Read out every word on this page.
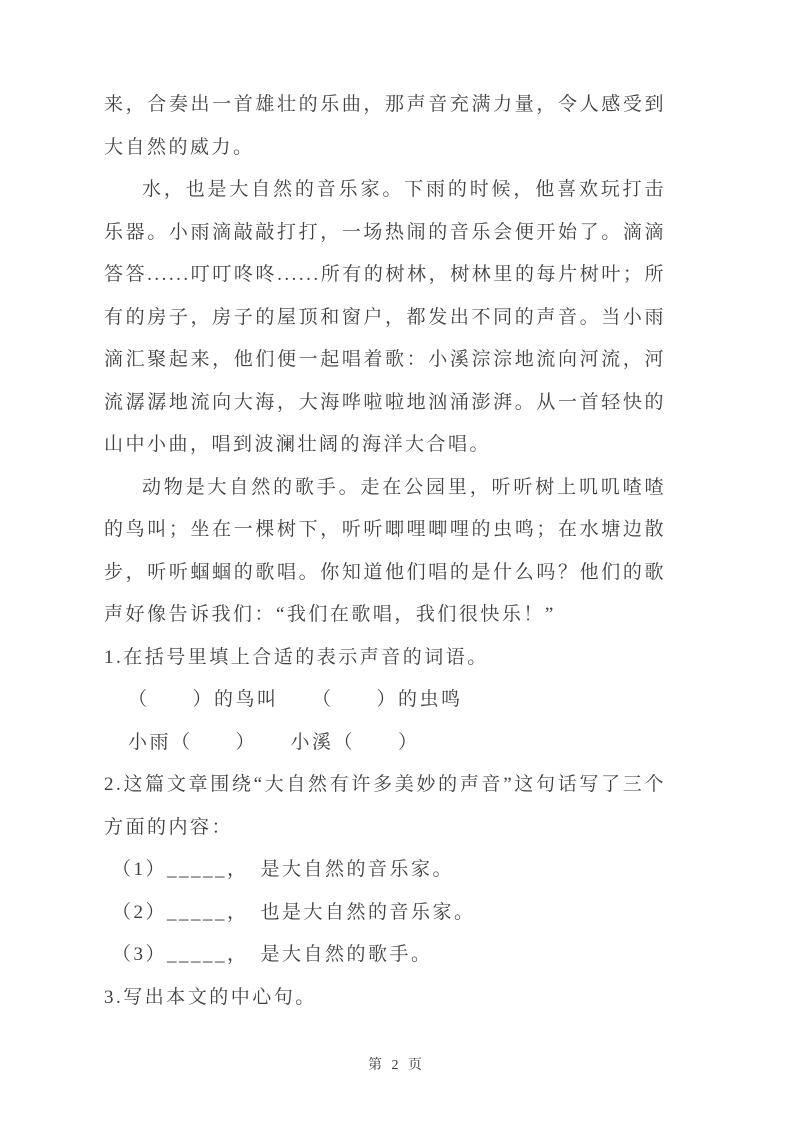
来，合奏出一首雄壮的乐曲，那声音充满力量，令人感受到
大自然的威力。
水，也是大自然的音乐家。下雨的时候，他喜欢玩打击
乐器。小雨滴敲敲打打，一场热闹的音乐会便开始了。滴滴
答答......叮叮咚咚......所有的树林，树林里的每片树叶；所
有的房子，房子的屋顶和窗户，都发出不同的声音。当小雨
滴汇聚起来，他们便一起唱着歌：小溪淙淙地流向河流，河
流潺潺地流向大海，大海哗啦啦地汹涌澎湃。从一首轻快的
山中小曲，唱到波澜壮阔的海洋大合唱。
动物是大自然的歌手。走在公园里，听听树上叽叽喳喳
的鸟叫；坐在一棵树下，听听唧哩唧哩的虫鸣；在水塘边散
步，听听蝈蝈的歌唱。你知道他们唱的是什么吗？他们的歌
声好像告诉我们：“我们在歌唱，我们很快乐！”
1.在括号里填上合适的表示声音的词语。
（　　）的鸟叫　　（　　）的虫鸣
小雨（　　）　　小溪（　　）
2.这篇文章围绕“大自然有许多美妙的声音”这句话写了三个
方面的内容：
（1）_____，　是大自然的音乐家。
（2）_____，　也是大自然的音乐家。
（3）_____，　是大自然的歌手。
3.写出本文的中心句。
第 2 页
